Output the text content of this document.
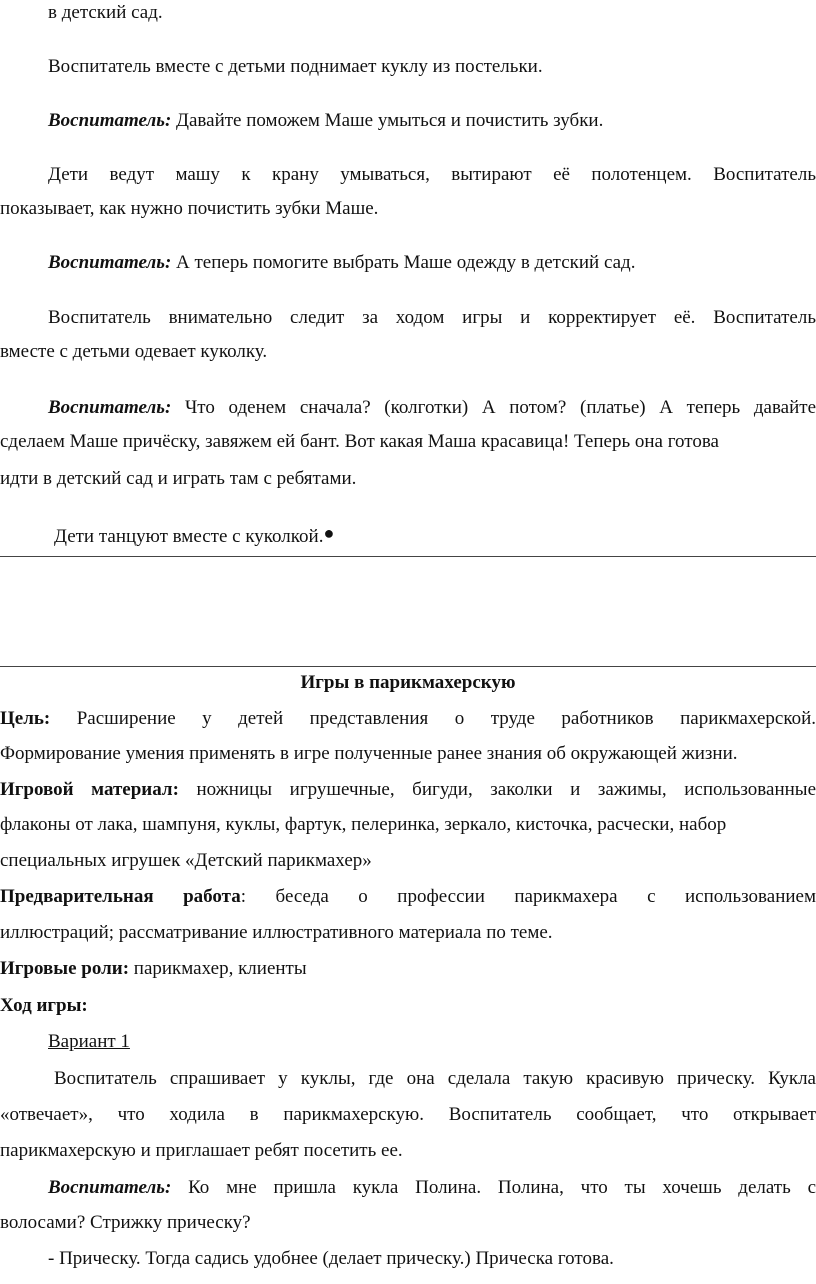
в детский сад.
Воспитатель вместе с детьми поднимает куклу из постельки.
Воспитатель: Давайте поможем Маше умыться и почистить зубки.
Дети ведут машу к крану умываться, вытирают её полотенцем. Воспитатель
показывает, как нужно почистить зубки Маше.
Воспитатель: А теперь помогите выбрать Маше одежду в детский сад.
Воспитатель внимательно следит за ходом игры и корректирует её. Воспитатель
вместе с детьми одевает куколку.
Воспитатель: Что оденем сначала? (колготки) А потом? (платье) А теперь давайте
сделаем Маше причёску, завяжем ей бант. Вот какая Маша красавица! Теперь она готова
идти в детский сад и играть там с ребятами.
Дети танцуют вместе с куколкой.●
Игры в парикмахерскую
Цель: Расширение у детей представления о труде работников парикмахерской.
Формирование умения применять в игре полученные ранее знания об окружающей жизни.
Игровой материал: ножницы игрушечные, бигуди, заколки и зажимы, использованные
флаконы от лака, шампуня, куклы, фартук, пелеринка, зеркало, кисточка, расчески, набор
специальных игрушек «Детский парикмахер»
Предварительная работа: беседа о профессии парикмахера с использованием
иллюстраций; рассматривание иллюстративного материала по теме.
Игровые роли: парикмахер, клиенты
Ход игры:
Вариант 1
Воспитатель спрашивает у куклы, где она сделала такую красивую прическу. Кукла
«отвечает», что ходила в парикмахерскую. Воспитатель сообщает, что открывает
парикмахерскую и приглашает ребят посетить ее.
Воспитатель: Ко мне пришла кукла Полина. Полина, что ты хочешь делать с
волосами? Стрижку прическу?
- Прическу. Тогда садись удобнее (делает прическу.) Прическа готова.
